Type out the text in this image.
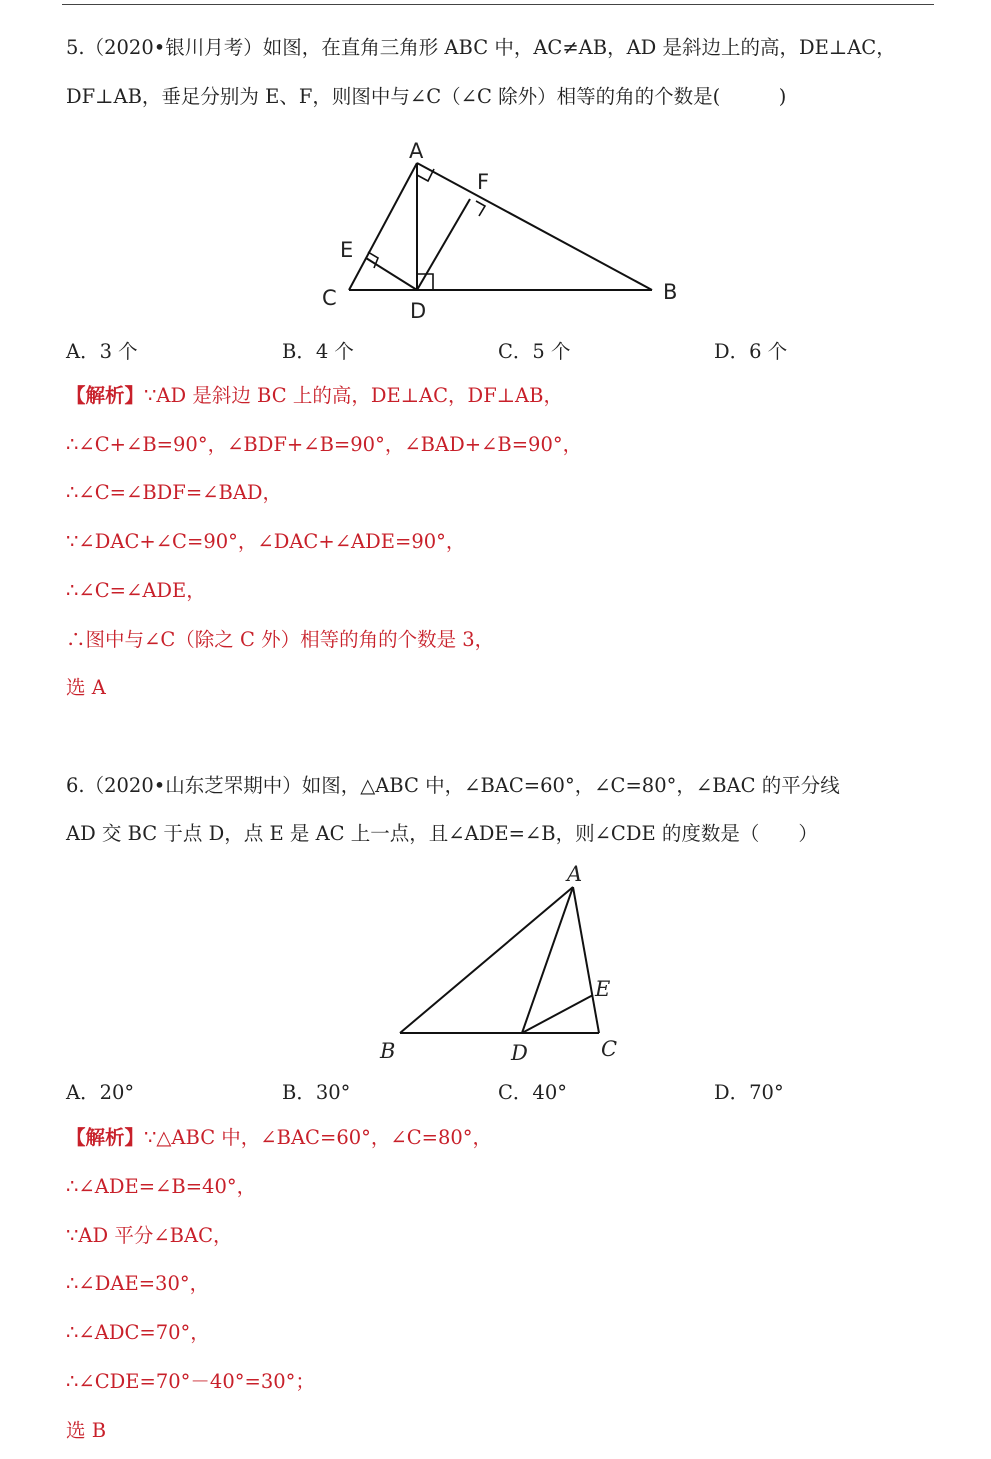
5.（2020•银川月考）如图，在直角三角形 ABC 中，AC≠AB，AD 是斜边上的高，DE⊥AC，
DF⊥AB，垂足分别为 E、F，则图中与∠C（∠C 除外）相等的角的个数是(　　　)
A
F
E
C
D
B
A．3 个	B．4 个	C．5 个	D．6 个
【解析】∵AD 是斜边 BC 上的高，DE⊥AC，DF⊥AB，
∴∠C+∠B=90°，∠BDF+∠B=90°，∠BAD+∠B=90°，
∴∠C=∠BDF=∠BAD，
∵∠DAC+∠C=90°，∠DAC+∠ADE=90°，
∴∠C=∠ADE，
∴图中与∠C（除之 C 外）相等的角的个数是 3，
选 A
6.（2020•山东芝罘期中）如图，△ABC 中，∠BAC=60°，∠C=80°，∠BAC 的平分线
AD 交 BC 于点 D，点 E 是 AC 上一点，且∠ADE=∠B，则∠CDE 的度数是（　　）
A
E
B	D	C
A．20°	B．30°	C．40°	D．70°
【解析】∵△ABC 中，∠BAC=60°，∠C=80°，
∴∠ADE=∠B=40°，
∵AD 平分∠BAC，
∴∠DAE=30°，
∴∠ADC=70°，
∴∠CDE=70°－40°=30°；
选 B
